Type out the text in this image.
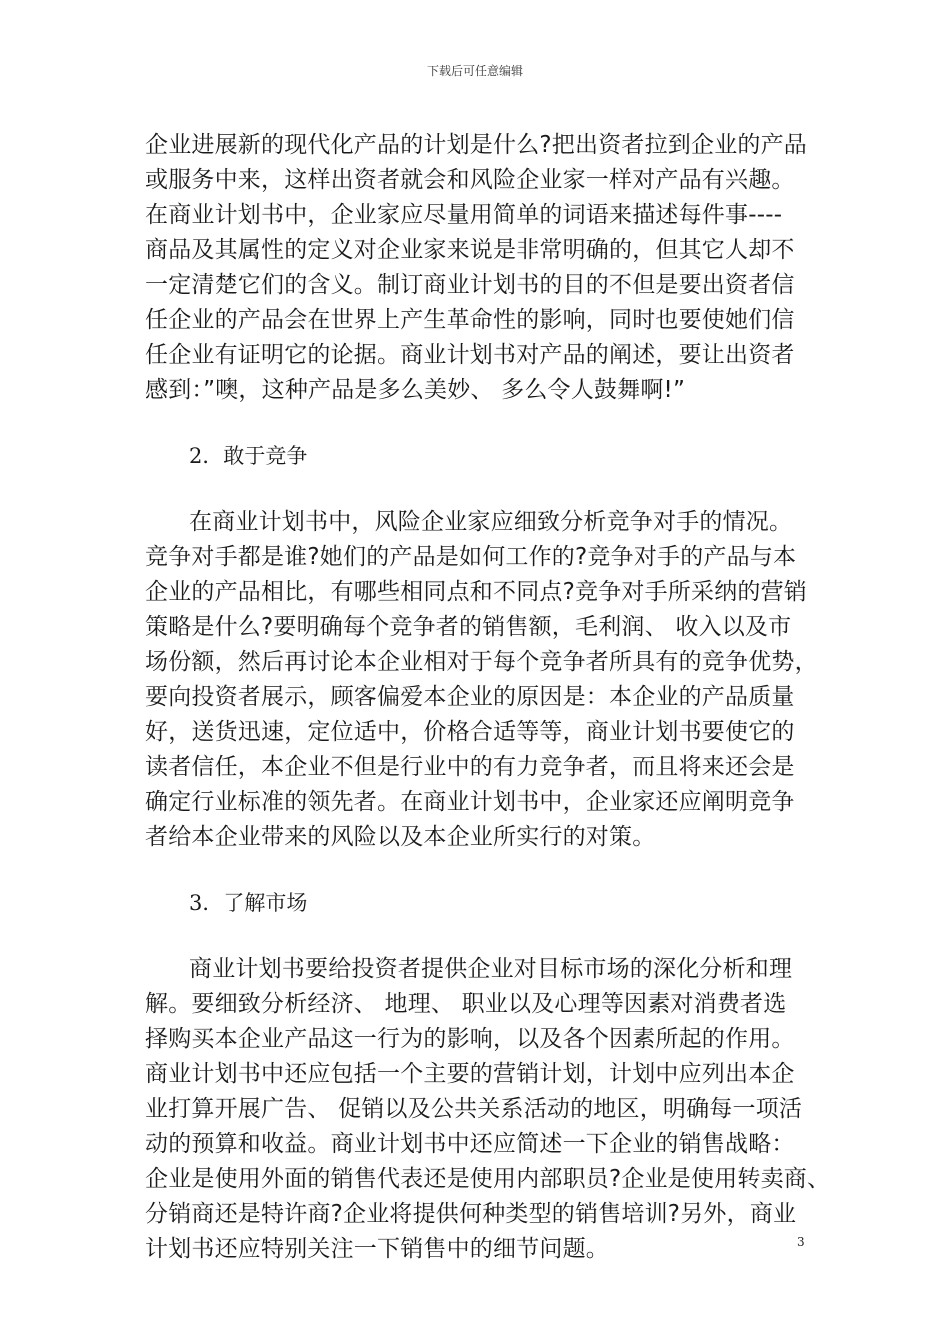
下载后可任意编辑
企业进展新的现代化产品的计划是什么?把出资者拉到企业的产品
或服务中来，这样出资者就会和风险企业家一样对产品有兴趣。
在商业计划书中，企业家应尽量用简单的词语来描述每件事----
商品及其属性的定义对企业家来说是非常明确的，但其它人却不
一定清楚它们的含义。制订商业计划书的目的不但是要出资者信
任企业的产品会在世界上产生革命性的影响，同时也要使她们信
任企业有证明它的论据。商业计划书对产品的阐述，要让出资者
感到：”噢，这种产品是多么美妙、 多么令人鼓舞啊!”
2．敢于竞争
在商业计划书中，风险企业家应细致分析竞争对手的情况。
竞争对手都是谁?她们的产品是如何工作的?竞争对手的产品与本
企业的产品相比，有哪些相同点和不同点?竞争对手所采纳的营销
策略是什么?要明确每个竞争者的销售额，毛利润、 收入以及市
场份额，然后再讨论本企业相对于每个竞争者所具有的竞争优势，
要向投资者展示，顾客偏爱本企业的原因是：本企业的产品质量
好，送货迅速，定位适中，价格合适等等，商业计划书要使它的
读者信任，本企业不但是行业中的有力竞争者，而且将来还会是
确定行业标准的领先者。在商业计划书中，企业家还应阐明竞争
者给本企业带来的风险以及本企业所实行的对策。
3．了解市场
商业计划书要给投资者提供企业对目标市场的深化分析和理
解。要细致分析经济、 地理、 职业以及心理等因素对消费者选
择购买本企业产品这一行为的影响，以及各个因素所起的作用。
商业计划书中还应包括一个主要的营销计划，计划中应列出本企
业打算开展广告、 促销以及公共关系活动的地区，明确每一项活
动的预算和收益。商业计划书中还应简述一下企业的销售战略：
企业是使用外面的销售代表还是使用内部职员?企业是使用转卖商、
分销商还是特许商?企业将提供何种类型的销售培训?另外，商业
计划书还应特别关注一下销售中的细节问题。	3
